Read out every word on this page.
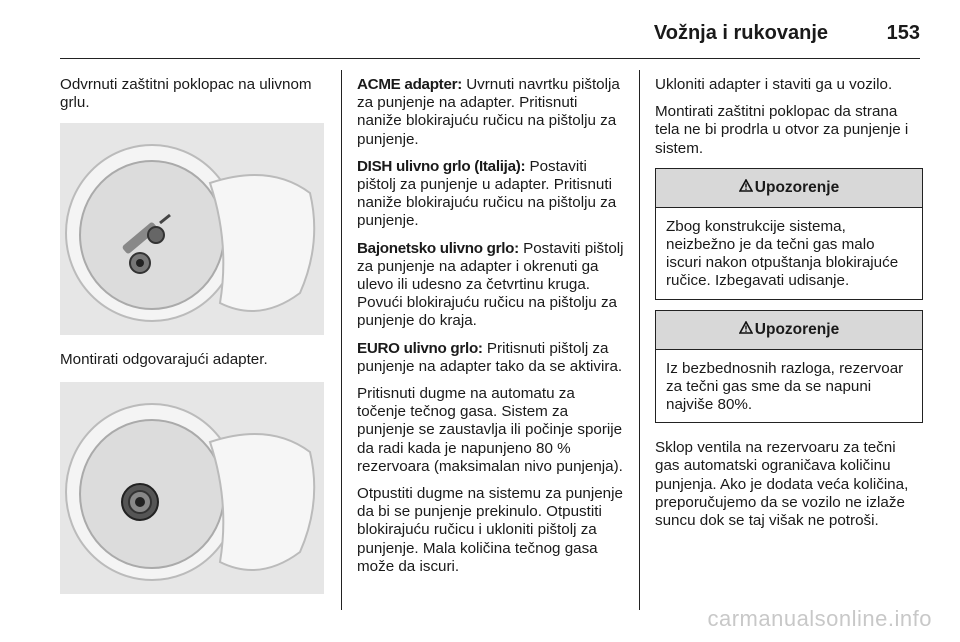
Vožnja i rukovanje	153

Odvrnuti zaštitni poklopac na ulivnom grlu.

Montirati odgovarajući adapter.

ACME adapter: Uvrnuti navrtku pištolja za punjenje na adapter. Pritisnuti naniže blokirajuću ručicu na pištolju za punjenje.

DISH ulivno grlo (Italija): Postaviti pištolj za punjenje u adapter. Pritisnuti naniže blokirajuću ručicu na pištolju za punjenje.

Bajonetsko ulivno grlo: Postaviti pištolj za punjenje na adapter i okrenuti ga ulevo ili udesno za četvrtinu kruga. Povući blokirajuću ručicu na pištolju za punjenje do kraja.

EURO ulivno grlo: Pritisnuti pištolj za punjenje na adapter tako da se aktivira.

Pritisnuti dugme na automatu za točenje tečnog gasa. Sistem za punjenje se zaustavlja ili počinje sporije da radi kada je napunjeno 80 % rezervoara (maksimalan nivo punjenja).

Otpustiti dugme na sistemu za punjenje da bi se punjenje prekinulo. Otpustiti blokirajuću ručicu i ukloniti pištolj za punjenje. Mala količina tečnog gasa može da iscuri.

Ukloniti adapter i staviti ga u vozilo.

Montirati zaštitni poklopac da strana tela ne bi prodrla u otvor za punjenje i sistem.

Upozorenje
Zbog konstrukcije sistema, neizbežno je da tečni gas malo iscuri nakon otpuštanja blokirajuće ručice. Izbegavati udisanje.
Upozorenje
Iz bezbednosnih razloga, rezervoar za tečni gas sme da se napuni najviše 80%.

Sklop ventila na rezervoaru za tečni gas automatski ograničava količinu punjenja. Ako je dodata veća količina, preporučujemo da se vozilo ne izlaže suncu dok se taj višak ne potroši.

carmanualsonline.info
